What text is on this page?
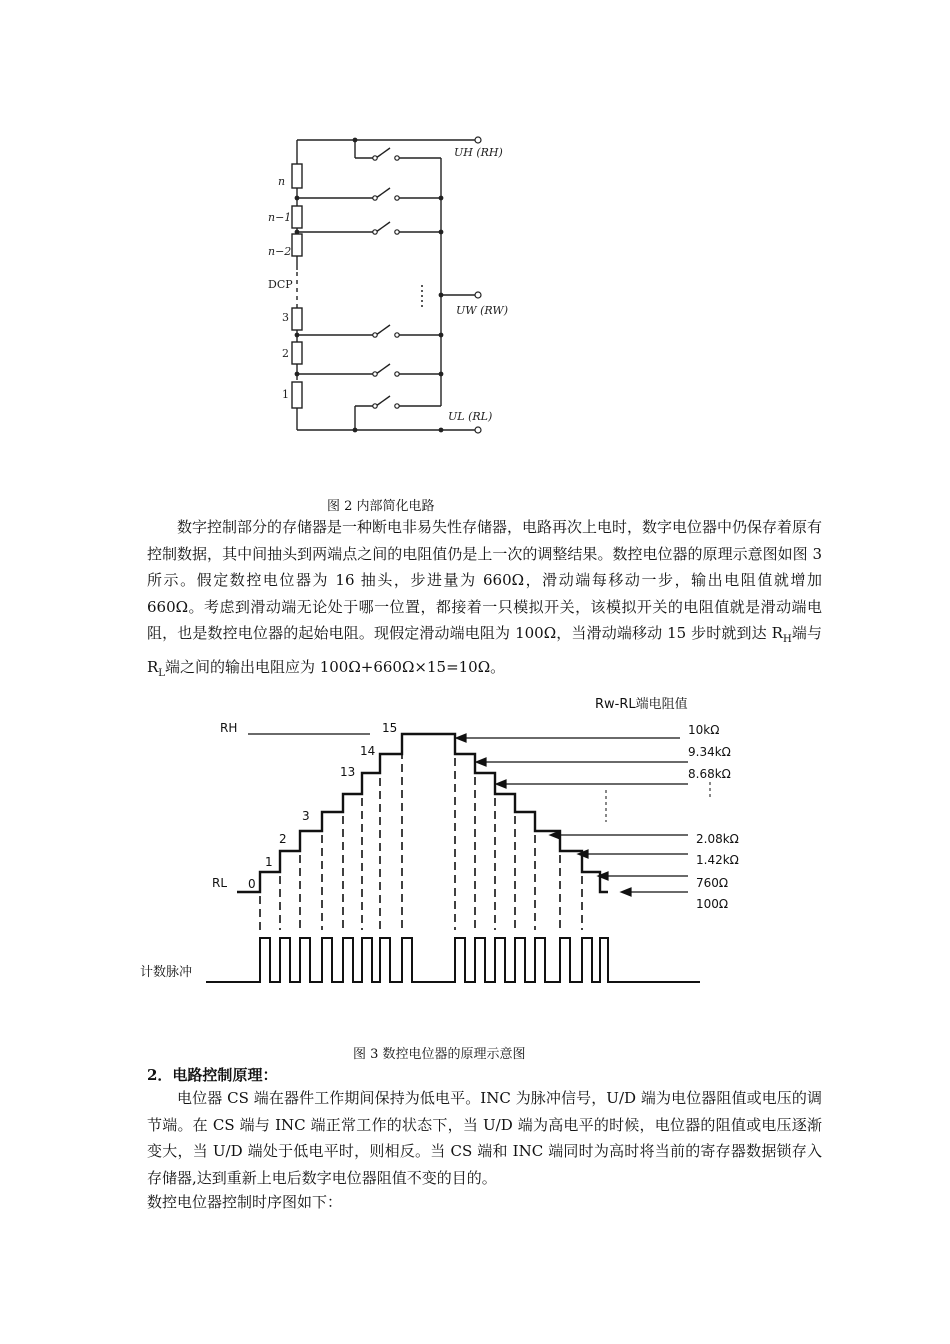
UH (RH)
UW (RW)
UL (RL)
n
n−1
n−2
DCP
3
2
1
图 2 内部简化电路
数字控制部分的存储器是一种断电非易失性存储器，电路再次上电时，数字电位器中仍保存着原有控制数据，其中间抽头到两端点之间的电阻值仍是上一次的调整结果。数控电位器的原理示意图如图 3 所示。假定数控电位器为 16 抽头，步进量为 660Ω，滑动端每移动一步，输出电阻值就增加 660Ω。考虑到滑动端无论处于哪一位置，都接着一只模拟开关，该模拟开关的电阻值就是滑动端电阻，也是数控电位器的起始电阻。现假定滑动端电阻为 100Ω，当滑动端移动 15 步时就到达 $R_H$端与 $R_L$端之间的输出电阻应为 100Ω+660Ω×15=10Ω。
Rw-RL端电阻值
RH
RL 0
1
2
3
13
14
15	10kΩ
9.34kΩ
8.68kΩ
2.08kΩ
1.42kΩ
760Ω
100Ω
计数脉冲
图 3 数控电位器的原理示意图
2．电路控制原理：
电位器 CS 端在器件工作期间保持为低电平。INC 为脉冲信号，U/D 端为电位器阻值或电压的调节端。在 CS 端与 INC 端正常工作的状态下，当 U/D 端为高电平的时候，电位器的阻值或电压逐渐变大，当 U/D 端处于低电平时，则相反。当 CS 端和 INC 端同时为高时将当前的寄存器数据锁存入存储器,达到重新上电后数字电位器阻值不变的目的。
数控电位器控制时序图如下：
